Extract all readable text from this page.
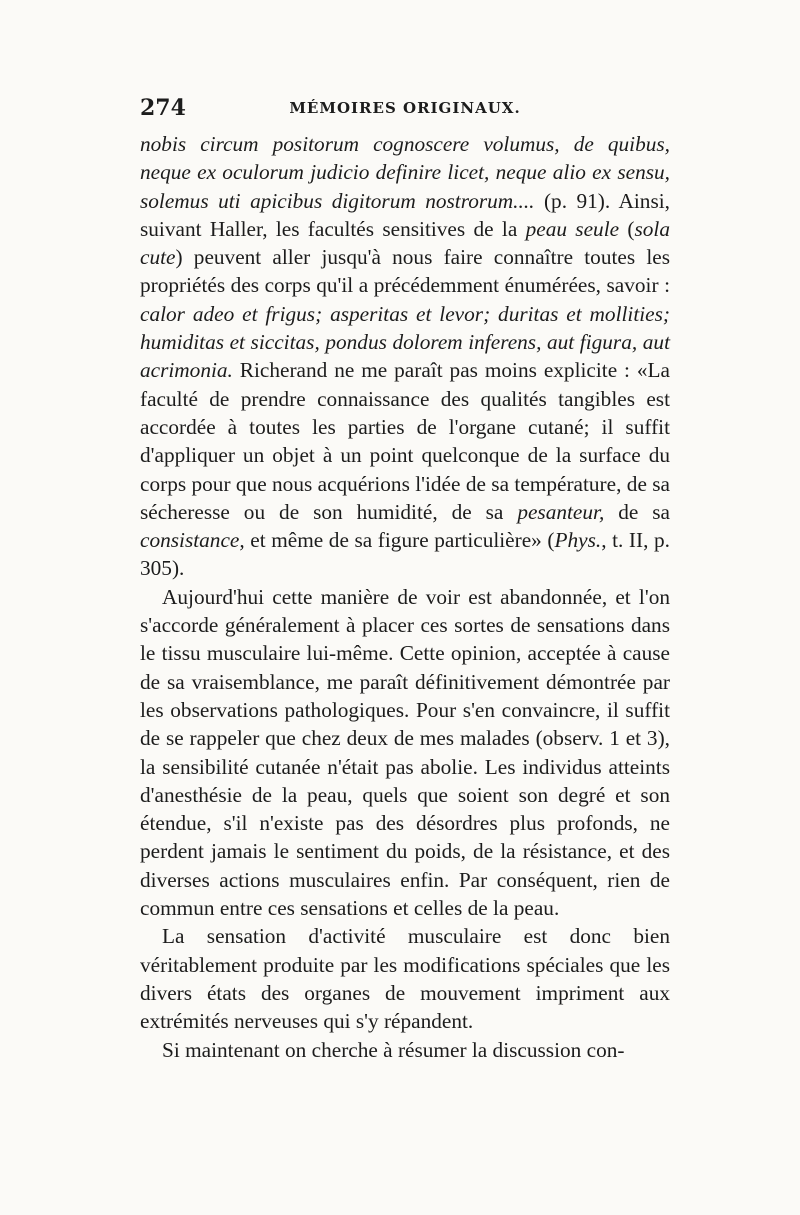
274	MÉMOIRES ORIGINAUX.

nobis circum positorum cognoscere volumus, de quibus, neque ex oculorum judicio definire licet, neque alio ex sensu, solemus uti apicibus digitorum nostrorum.... (p. 91). Ainsi, suivant Haller, les facultés sensitives de la peau seule (sola cute) peuvent aller jusqu'à nous faire connaître toutes les propriétés des corps qu'il a précédemment énumérées, savoir : calor adeo et frigus; asperitas et levor; duritas et mollities; humiditas et siccitas, pondus dolorem inferens, aut figura, aut acrimonia. Richerand ne me paraît pas moins explicite : «La faculté de prendre connaissance des qualités tangibles est accordée à toutes les parties de l'organe cutané; il suffit d'appliquer un objet à un point quelconque de la surface du corps pour que nous acquérions l'idée de sa température, de sa sécheresse ou de son humidité, de sa pesanteur, de sa consistance, et même de sa figure particulière» (Phys., t. II, p. 305).

Aujourd'hui cette manière de voir est abandonnée, et l'on s'accorde généralement à placer ces sortes de sensations dans le tissu musculaire lui-même. Cette opinion, acceptée à cause de sa vraisemblance, me paraît définitivement démontrée par les observations pathologiques. Pour s'en convaincre, il suffit de se rappeler que chez deux de mes malades (observ. 1 et 3), la sensibilité cutanée n'était pas abolie. Les individus atteints d'anesthésie de la peau, quels que soient son degré et son étendue, s'il n'existe pas des désordres plus profonds, ne perdent jamais le sentiment du poids, de la résistance, et des diverses actions musculaires enfin. Par conséquent, rien de commun entre ces sensations et celles de la peau.

La sensation d'activité musculaire est donc bien véritablement produite par les modifications spéciales que les divers états des organes de mouvement impriment aux extrémités nerveuses qui s'y répandent.

Si maintenant on cherche à résumer la discussion con-
